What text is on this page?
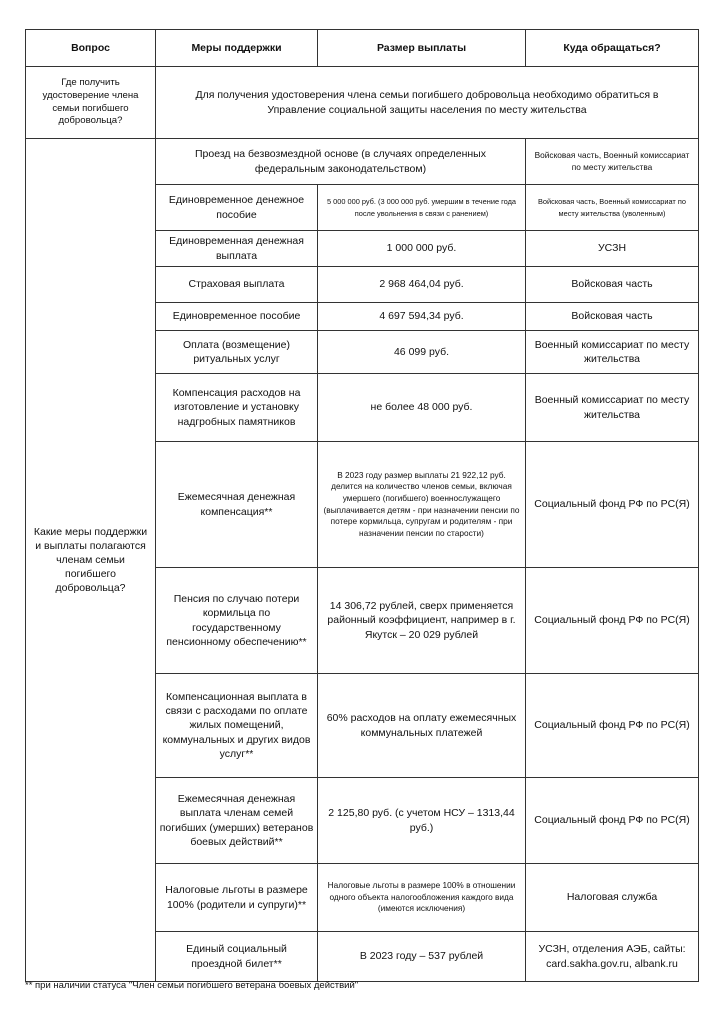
Вопрос	Меры поддержки	Размер выплаты	Куда обращаться?
Где получить удостоверение члена семьи погибшего добровольца?	Для получения удостоверения члена семьи погибшего добровольца необходимо обратиться в Управление социальной защиты населения по месту жительства		
Какие меры поддержки и выплаты полагаются членам семьи погибшего добровольца?	Проезд на безвозмездной основе (в случаях определенных федеральным законодательством)		Войсковая часть, Военный комиссариат по месту жительства
	Единовременное денежное пособие	5 000 000 руб. (3 000 000 руб. умершим в течение года после увольнения в связи с ранением)	Войсковая часть, Военный комиссариат по месту жительства (уволенным)
	Единовременная денежная выплата	1 000 000 руб.	УСЗН
	Страховая выплата	2 968 464,04 руб.	Войсковая часть
	Единовременное пособие	4 697 594,34 руб.	Войсковая часть
	Оплата (возмещение) ритуальных услуг	46 099 руб.	Военный комиссариат по месту жительства
	Компенсация расходов на изготовление и установку надгробных памятников	не более 48 000 руб.	Военный комиссариат по месту жительства
	Ежемесячная денежная компенсация**	В 2023 году размер выплаты 21 922,12 руб. делится на количество членов семьи, включая умершего (погибшего) военнослужащего (выплачивается детям - при назначении пенсии по потере кормильца, супругам и родителям - при назначении пенсии по старости)	Социальный фонд РФ по РС(Я)
	Пенсия по случаю потери кормильца по государственному пенсионному обеспечению**	14 306,72 рублей, сверх применяется районный коэффициент, например в г. Якутск – 20 029 рублей	Социальный фонд РФ по РС(Я)
	Компенсационная выплата в связи с расходами по оплате жилых помещений, коммунальных и других видов услуг**	60% расходов на оплату ежемесячных коммунальных платежей	Социальный фонд РФ по РС(Я)
	Ежемесячная денежная выплата членам семей погибших (умерших) ветеранов боевых действий**	2 125,80 руб. (с учетом НСУ – 1313,44 руб.)	Социальный фонд РФ по РС(Я)
	Налоговые льготы в размере 100% (родители и супруги)**	Налоговые льготы в размере 100% в отношении одного объекта налогообложения каждого вида (имеются исключения)	Налоговая служба
	Единый социальный проездной билет**	В 2023 году – 537 рублей	УСЗН, отделения АЭБ, сайты: card.sakha.gov.ru, albank.ru
** при наличии статуса "Член семьи погибшего ветерана боевых действий"
